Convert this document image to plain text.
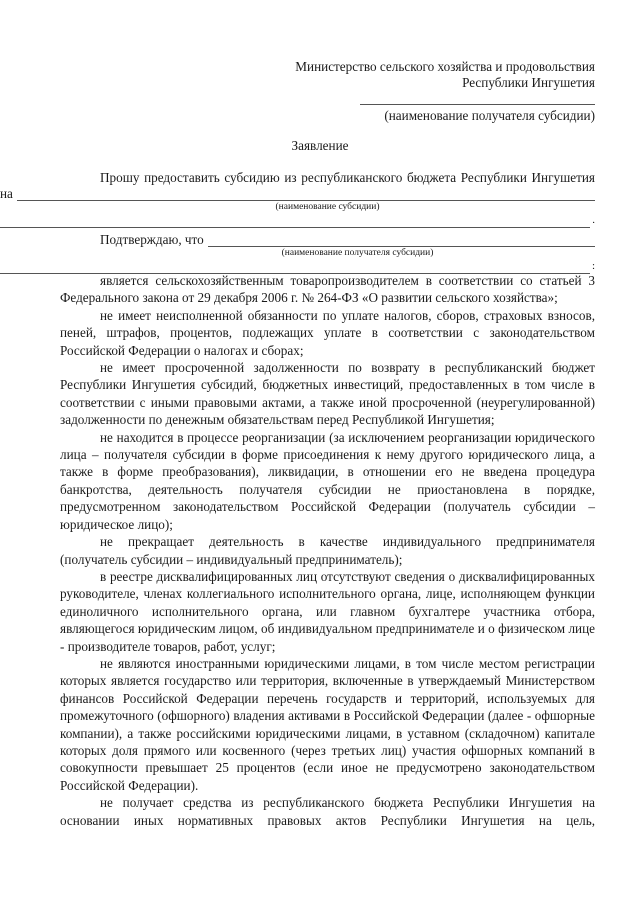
Министерство сельского хозяйства и продовольствия
Республики Ингушетия
(наименование получателя субсидии)
Заявление
Прошу предоставить субсидию из республиканского бюджета Республики Ингушетия
на
(наименование субсидии)
.
Подтверждаю, что
(наименование получателя субсидии)
:

является сельскохозяйственным товаропроизводителем в соответствии со статьей 3 Федерального закона от 29 декабря 2006 г. № 264-ФЗ «О развитии сельского хозяйства»;

не имеет неисполненной обязанности по уплате налогов, сборов, страховых взносов, пеней, штрафов, процентов, подлежащих уплате в соответствии с законодательством Российской Федерации о налогах и сборах;

не имеет просроченной задолженности по возврату в республиканский бюджет Республики Ингушетия субсидий, бюджетных инвестиций, предоставленных в том числе в соответствии с иными правовыми актами, а также иной просроченной (неурегулированной) задолженности по денежным обязательствам перед Республикой Ингушетия;

не находится в процессе реорганизации (за исключением реорганизации юридического лица – получателя субсидии в форме присоединения к нему другого юридического лица, а также в форме преобразования), ликвидации, в отношении его не введена процедура банкротства, деятельность получателя субсидии не приостановлена в порядке, предусмотренном законодательством Российской Федерации (получатель субсидии – юридическое лицо);

не прекращает деятельность в качестве индивидуального предпринимателя (получатель субсидии – индивидуальный предприниматель);

в реестре дисквалифицированных лиц отсутствуют сведения о дисквалифицированных руководителе, членах коллегиального исполнительного органа, лице, исполняющем функции единоличного исполнительного органа, или главном бухгалтере участника отбора, являющегося юридическим лицом, об индивидуальном предпринимателе и о физическом лице - производителе товаров, работ, услуг;

не являются иностранными юридическими лицами, в том числе местом регистрации которых является государство или территория, включенные в утверждаемый Министерством финансов Российской Федерации перечень государств и территорий, используемых для промежуточного (офшорного) владения активами в Российской Федерации (далее - офшорные компании), а также российскими юридическими лицами, в уставном (складочном) капитале которых доля прямого или косвенного (через третьих лиц) участия офшорных компаний в совокупности превышает 25 процентов (если иное не предусмотрено законодательством Российской Федерации).

не получает средства из республиканского бюджета Республики Ингушетия на основании иных нормативных правовых актов Республики Ингушетия на цель,
